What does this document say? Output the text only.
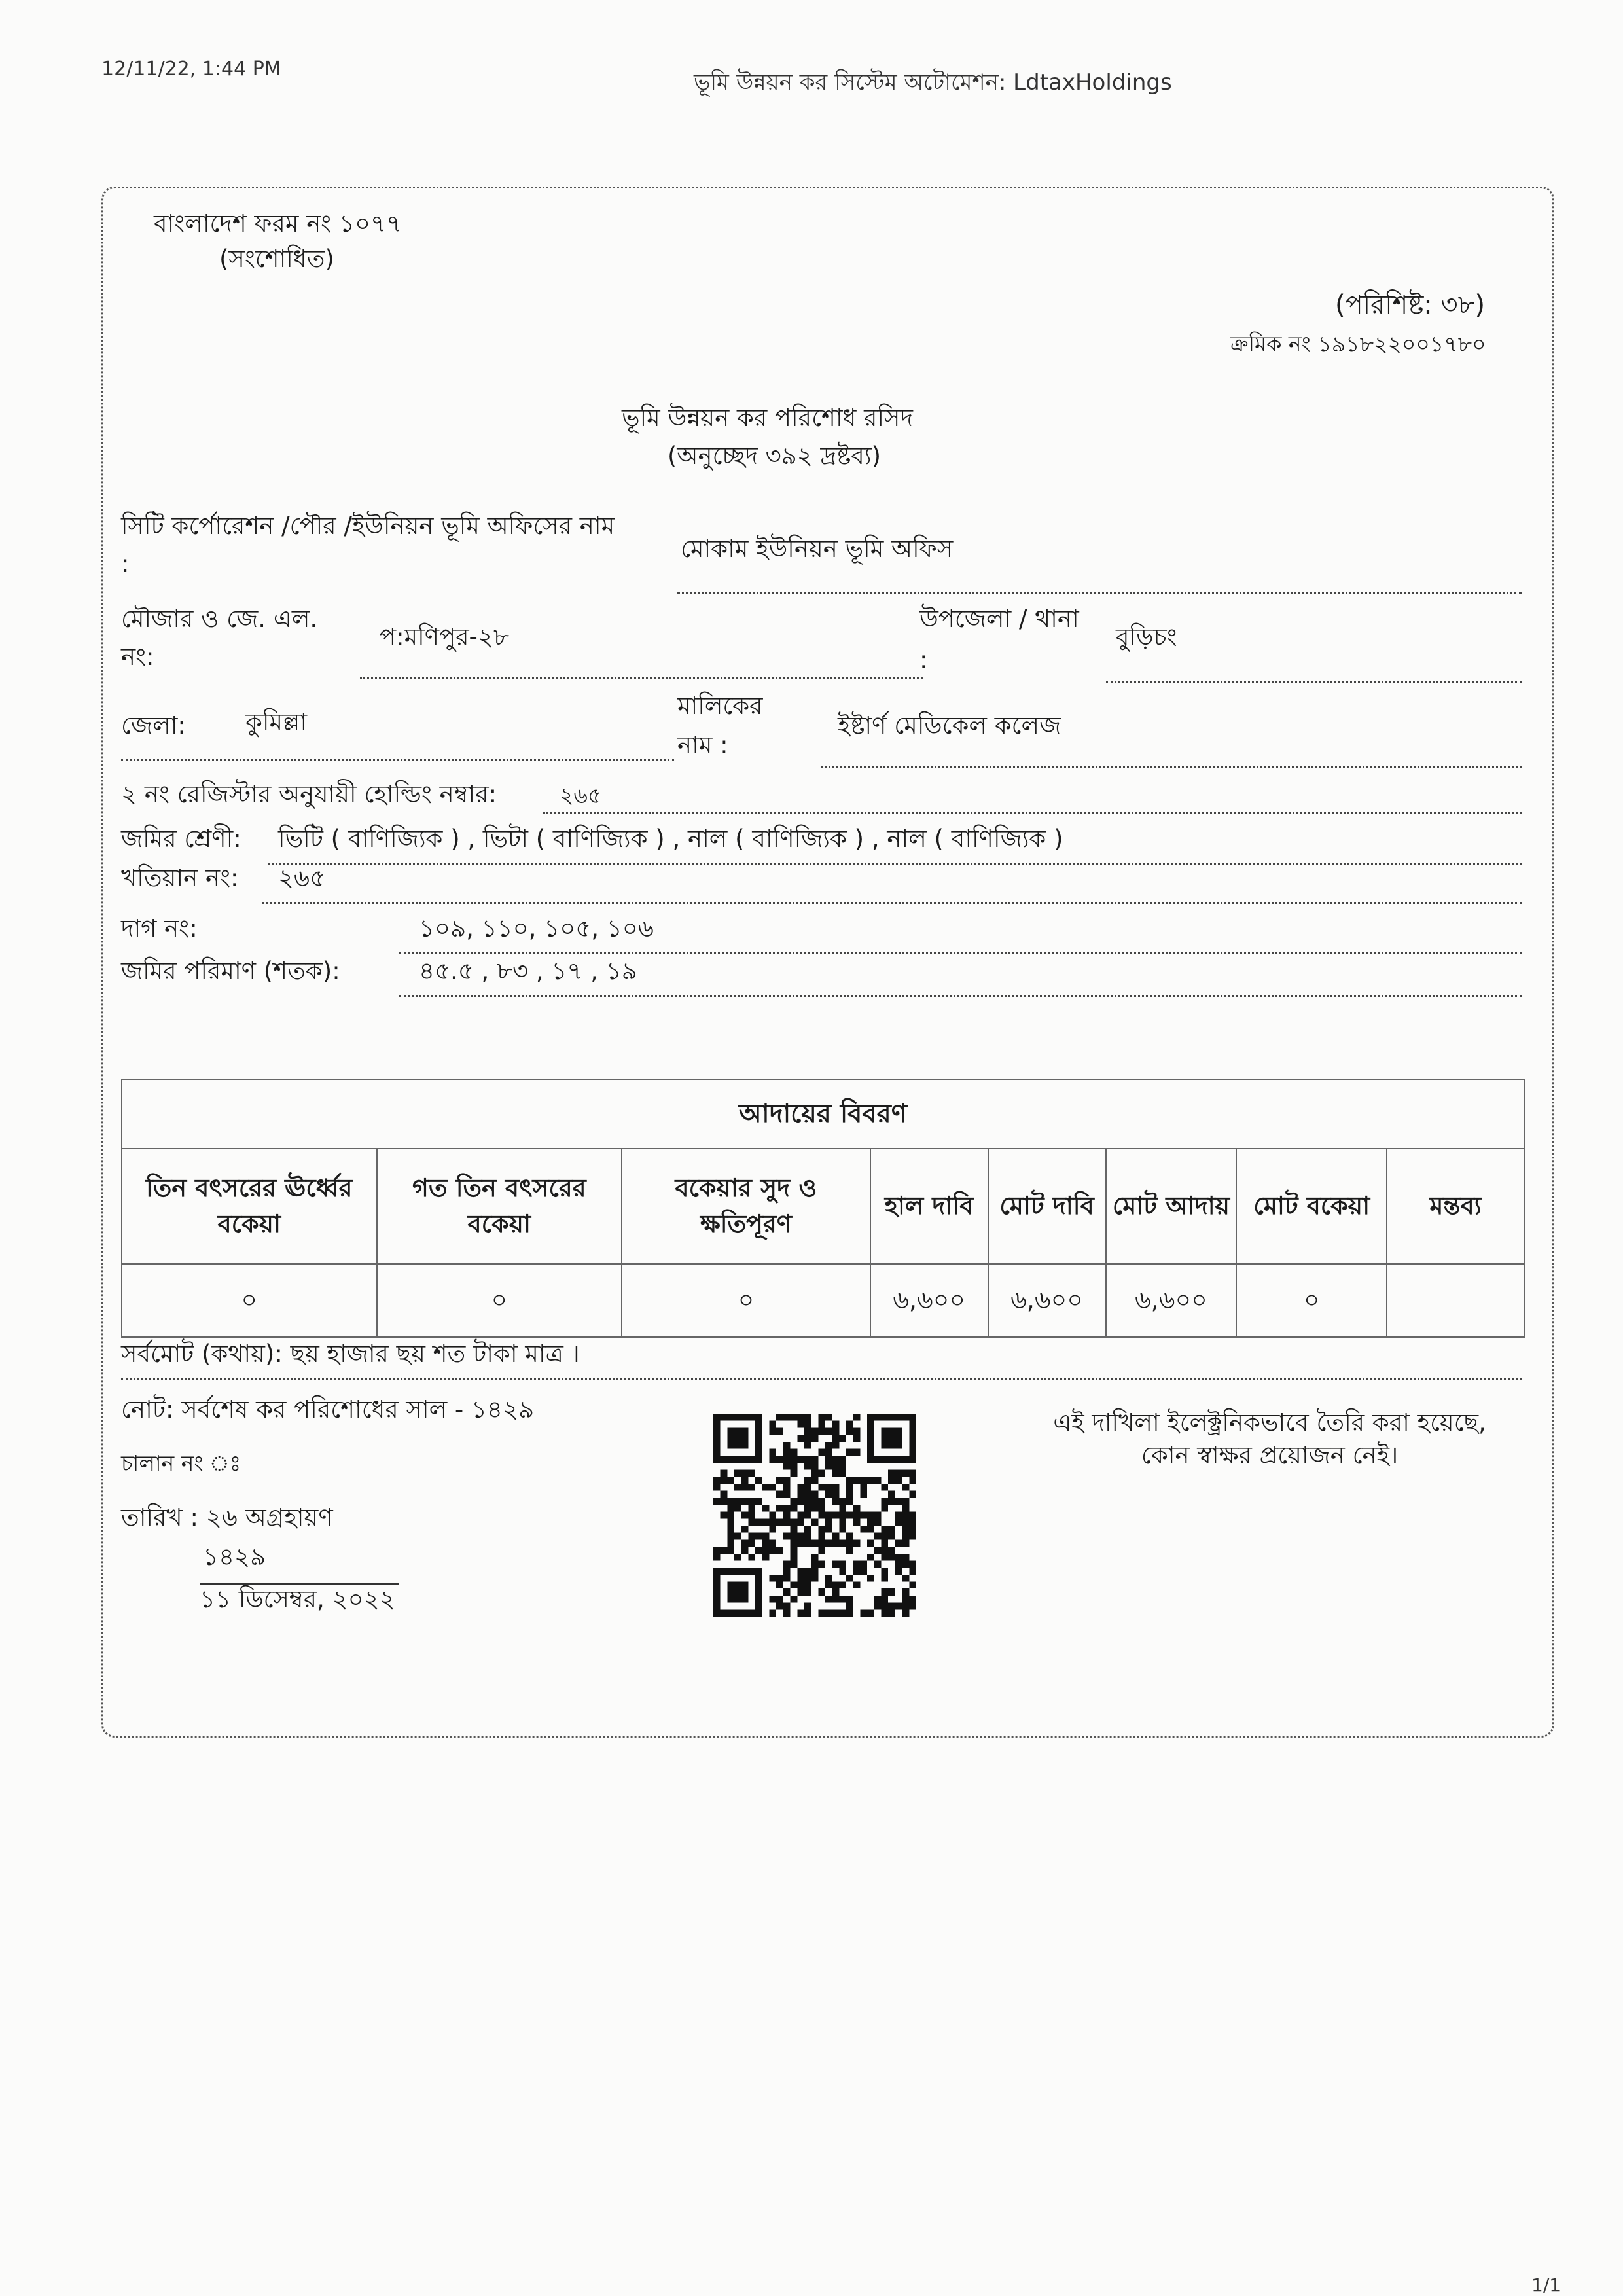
12/11/22, 1:44 PM
ভূমি উন্নয়ন কর সিস্টেম অটোমেশন: LdtaxHoldings
বাংলাদেশ ফরম নং ১০৭৭
(সংশোধিত)
(পরিশিষ্ট: ৩৮)
ক্রমিক নং ১৯১৮২২০০১৭৮০
ভূমি উন্নয়ন কর পরিশোধ রসিদ
(অনুচ্ছেদ ৩৯২ দ্রষ্টব্য)
সিটি কর্পোরেশন /পৌর /ইউনিয়ন ভূমি অফিসের নাম
:
মোকাম ইউনিয়ন ভূমি অফিস
মৌজার ও জে. এল.
নং:
প:মণিপুর-২৮
উপজেলা / থানা
:
বুড়িচং
জেলা: কুমিল্লা
মালিকের
নাম :
ইষ্টার্ণ মেডিকেল কলেজ
২ নং রেজিস্টার অনুযায়ী হোল্ডিং নম্বার:	২৬৫
জমির শ্রেণী: ভিটি ( বাণিজ্যিক ) , ভিটা ( বাণিজ্যিক ) , নাল ( বাণিজ্যিক ) , নাল ( বাণিজ্যিক )
খতিয়ান নং: ২৬৫
দাগ নং:	১০৯, ১১০, ১০৫, ১০৬
জমির পরিমাণ (শতক):	৪৫.৫ , ৮৩ , ১৭ , ১৯
আদায়ের বিবরণ							
তিন বৎসরের ঊর্ধ্বের বকেয়া	গত তিন বৎসরের বকেয়া	বকেয়ার সুদ ও ক্ষতিপূরণ	হাল দাবি	মোট দাবি	মোট আদায়	মোট বকেয়া	মন্তব্য
০	০	০	৬,৬০০	৬,৬০০	৬,৬০০	০	
সর্বমোট (কথায়): ছয় হাজার ছয় শত টাকা মাত্র ।
নোট: সর্বশেষ কর পরিশোধের সাল - ১৪২৯
চালান নং ঃ
তারিখ : ২৬ অগ্রহায়ণ
১৪২৯
১১ ডিসেম্বর, ২০২২
এই দাখিলা ইলেক্ট্রনিকভাবে তৈরি করা হয়েছে,
কোন স্বাক্ষর প্রয়োজন নেই।
1/1
